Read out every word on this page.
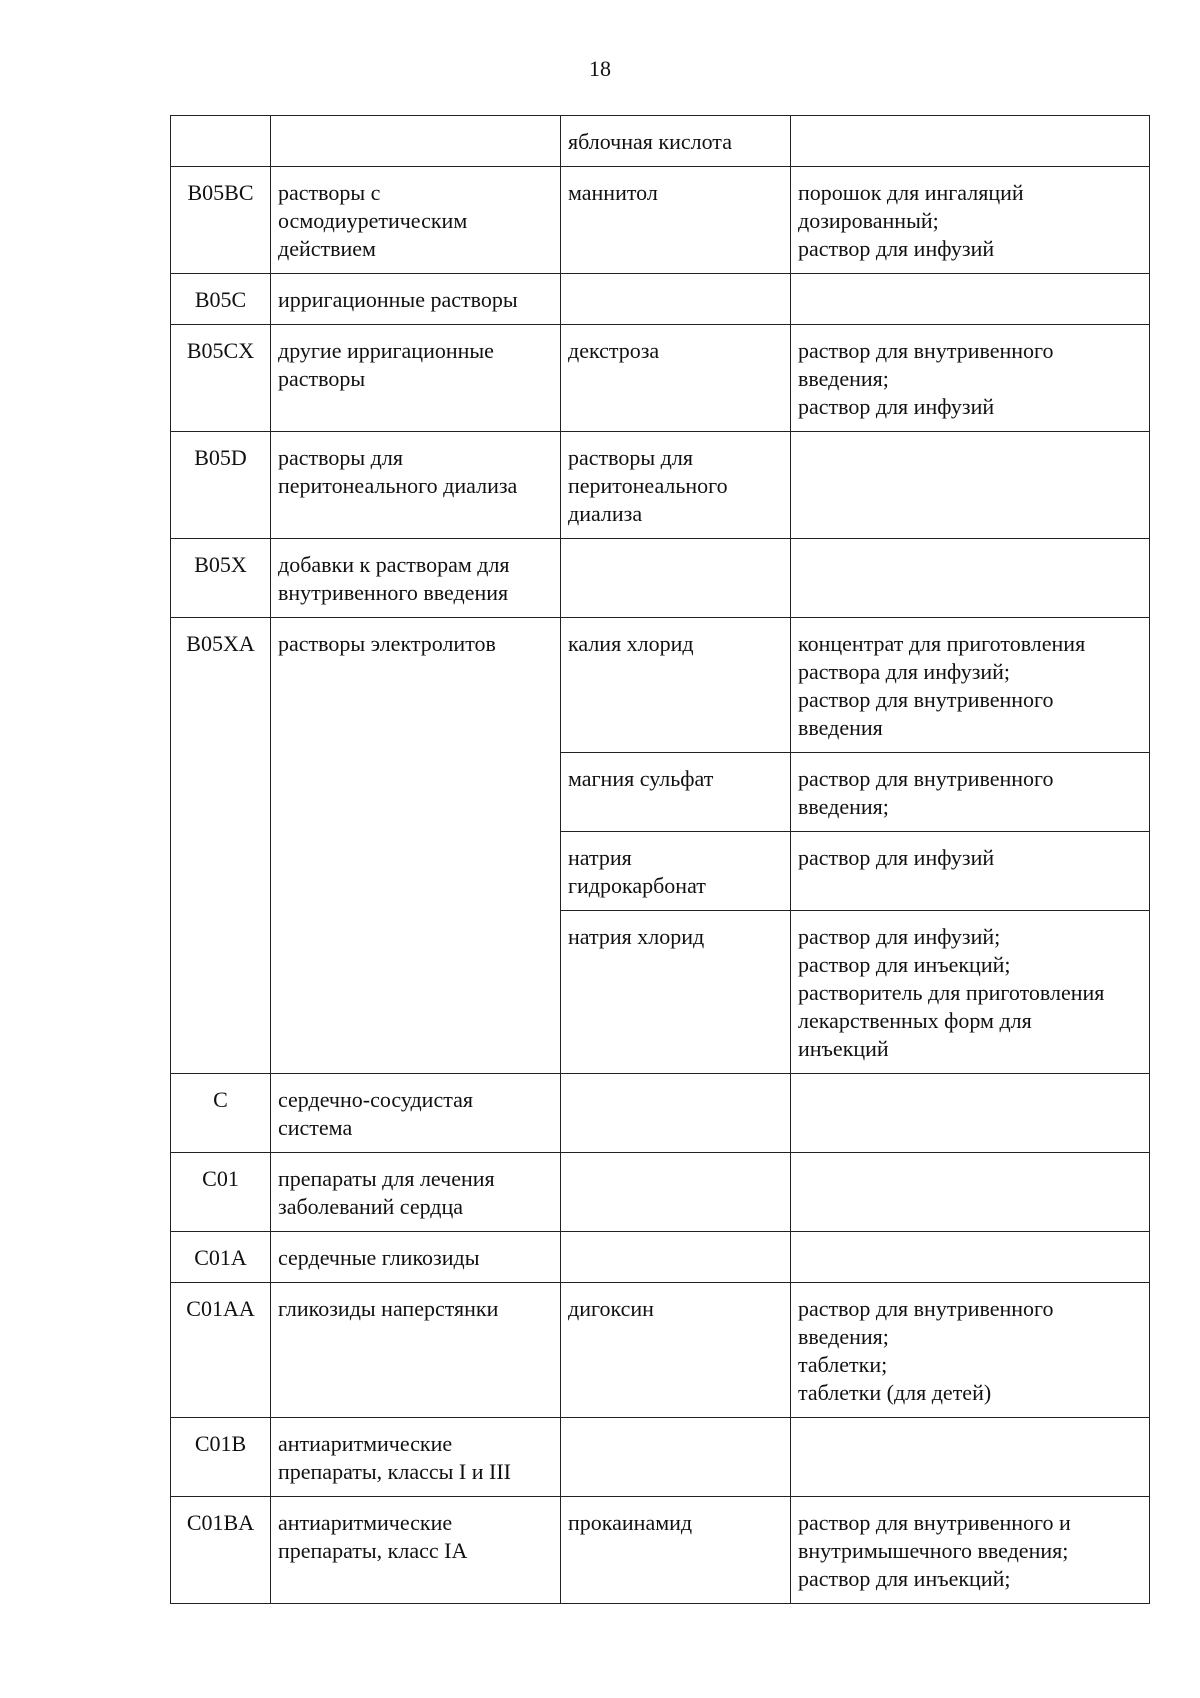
18
		яблочная кислота	
B05BC	растворы с
осмодиуретическим
действием	маннитол	порошок для ингаляций
дозированный;
раствор для инфузий
B05C	ирригационные растворы		
B05CX	другие ирригационные
растворы	декстроза	раствор для внутривенного
введения;
раствор для инфузий
B05D	растворы для
перитонеального диализа	растворы для
перитонеального
диализа	
B05X	добавки к растворам для
внутривенного введения		
B05XA	растворы электролитов	калия хлорид	концентрат для приготовления
раствора для инфузий;
раствор для внутривенного
введения
		магния сульфат	раствор для внутривенного
введения;
		натрия
гидрокарбонат	раствор для инфузий
		натрия хлорид	раствор для инфузий;
раствор для инъекций;
растворитель для приготовления
лекарственных форм для
инъекций
C	сердечно-сосудистая
система		
C01	препараты для лечения
заболеваний сердца		
C01A	сердечные гликозиды		
C01AA	гликозиды наперстянки	дигоксин	раствор для внутривенного
введения;
таблетки;
таблетки (для детей)
C01B	антиаритмические
препараты, классы I и III		
C01BA	антиаритмические
препараты, класс IA	прокаинамид	раствор для внутривенного и
внутримышечного введения;
раствор для инъекций;
